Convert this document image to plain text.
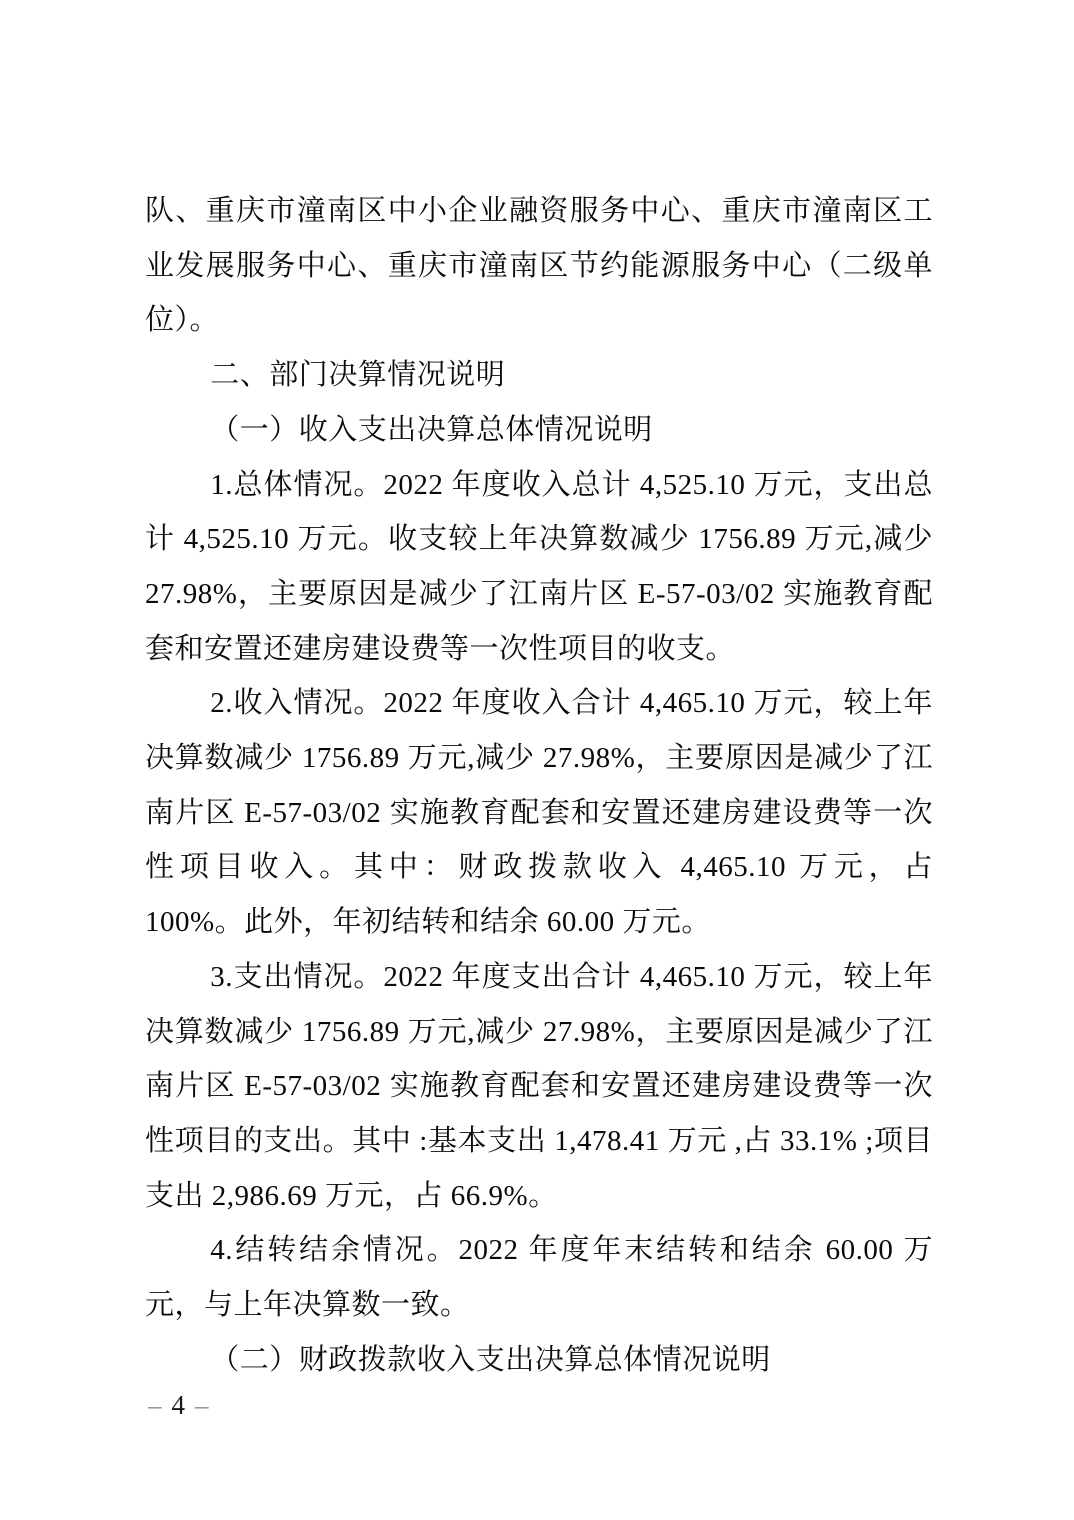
队、重庆市潼南区中小企业融资服务中心、重庆市潼南区工业发展服务中心、重庆市潼南区节约能源服务中心（二级单位）。

二、部门决算情况说明

（一）收入支出决算总体情况说明

1.总体情况。2022 年度收入总计 4,525.10 万元，支出总计 4,525.10 万元。收支较上年决算数减少 1756.89 万元,减少 27.98%，主要原因是减少了江南片区 E-57-03/02 实施教育配套和安置还建房建设费等一次性项目的收支。

2.收入情况。2022 年度收入合计 4,465.10 万元，较上年决算数减少 1756.89 万元,减少 27.98%，主要原因是减少了江南片区 E-57-03/02 实施教育配套和安置还建房建设费等一次性项目收入。其中：财政拨款收入 4,465.10 万元，占 100%。此外，年初结转和结余 60.00 万元。

3.支出情况。2022 年度支出合计 4,465.10 万元，较上年决算数减少 1756.89 万元,减少 27.98%，主要原因是减少了江南片区 E-57-03/02 实施教育配套和安置还建房建设费等一次性项目的支出。其中 :基本支出 1,478.41 万元 ,占 33.1% ;项目支出 2,986.69 万元，占 66.9%。

4.结转结余情况。2022 年度年末结转和结余 60.00 万元，与上年决算数一致。

（二）财政拨款收入支出决算总体情况说明

– 4 –
